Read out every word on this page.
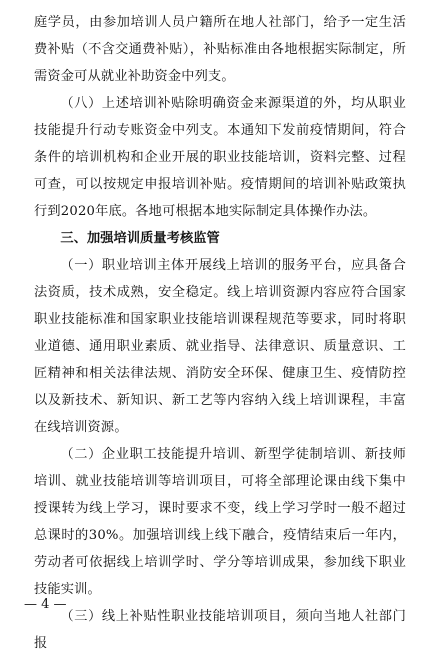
庭学员，由参加培训人员户籍所在地人社部门，给予一定生活费补贴（不含交通费补贴），补贴标准由各地根据实际制定，所需资金可从就业补助资金中列支。

（八）上述培训补贴除明确资金来源渠道的外，均从职业技能提升行动专账资金中列支。本通知下发前疫情期间，符合条件的培训机构和企业开展的职业技能培训，资料完整、过程可查，可以按规定申报培训补贴。疫情期间的培训补贴政策执行到2020年底。各地可根据本地实际制定具体操作办法。

三、加强培训质量考核监管

（一）职业培训主体开展线上培训的服务平台，应具备合法资质，技术成熟，安全稳定。线上培训资源内容应符合国家职业技能标准和国家职业技能培训课程规范等要求，同时将职业道德、通用职业素质、就业指导、法律意识、质量意识、工匠精神和相关法律法规、消防安全环保、健康卫生、疫情防控以及新技术、新知识、新工艺等内容纳入线上培训课程，丰富在线培训资源。

（二）企业职工技能提升培训、新型学徒制培训、新技师培训、就业技能培训等培训项目，可将全部理论课由线下集中授课转为线上学习，课时要求不变，线上学习学时一般不超过总课时的30%。加强培训线上线下融合，疫情结束后一年内，劳动者可依据线上培训学时、学分等培训成果，参加线下职业技能实训。

（三）线上补贴性职业技能培训项目，须向当地人社部门报

— 4 —
